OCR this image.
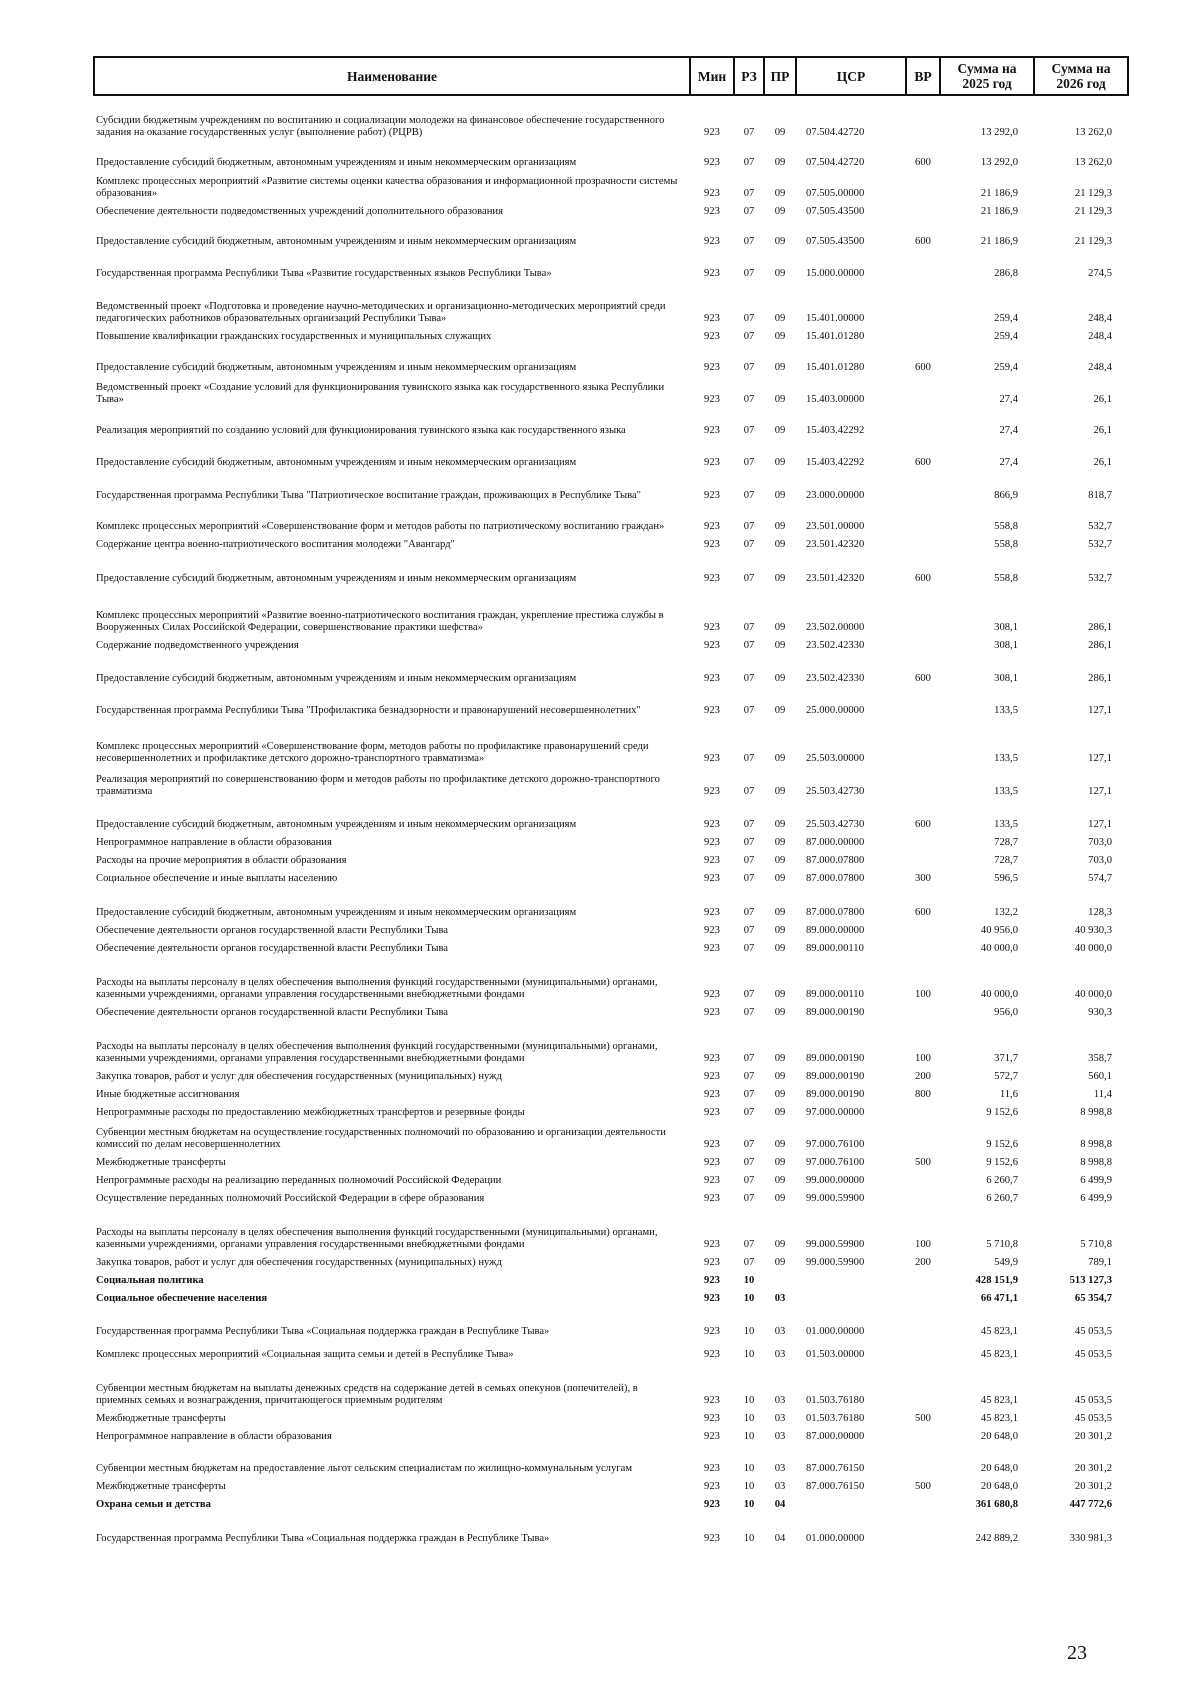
Наименование	Мин	РЗ	ПР	ЦСР	ВР	Сумма на 2025 год	Сумма на 2026 год
Субсидии бюджетным учреждениям по воспитанию и социализации молодежи на финансовое обеспечение государственного задания на оказание государственных услуг (выполнение работ) (РЦРВ)	923	07	09	07.504.42720		13 292,0	13 262,0
Предоставление субсидий бюджетным, автономным учреждениям и иным некоммерческим организациям	923	07	09	07.504.42720	600	13 292,0	13 262,0
Комплекс процессных мероприятий «Развитие системы оценки качества образования и информационной прозрачности системы образования»	923	07	09	07.505.00000		21 186,9	21 129,3
Обеспечение деятельности подведомственных учреждений дополнительного образования	923	07	09	07.505.43500		21 186,9	21 129,3
Предоставление субсидий бюджетным, автономным учреждениям и иным некоммерческим организациям	923	07	09	07.505.43500	600	21 186,9	21 129,3
Государственная программа Республики Тыва «Развитие государственных языков Республики Тыва»	923	07	09	15.000.00000		286,8	274,5
Ведомственный проект «Подготовка и проведение научно-методических и организационно-методических мероприятий среди педагогических работников образовательных организаций Республики Тыва»	923	07	09	15.401.00000		259,4	248,4
Повышение квалификации гражданских государственных и муниципальных служащих	923	07	09	15.401.01280		259,4	248,4
Предоставление субсидий бюджетным, автономным учреждениям и иным некоммерческим организациям	923	07	09	15.401.01280	600	259,4	248,4
Ведомственный проект «Создание условий для функционирования тувинского языка как государственного языка Республики Тыва»	923	07	09	15.403.00000		27,4	26,1
Реализация мероприятий по созданию условий для функционирования тувинского языка как государственного языка	923	07	09	15.403.42292		27,4	26,1
Предоставление субсидий бюджетным, автономным учреждениям и иным некоммерческим организациям	923	07	09	15.403.42292	600	27,4	26,1
Государственная программа Республики Тыва "Патриотическое воспитание граждан, проживающих в Республике Тыва"	923	07	09	23.000.00000		866,9	818,7
Комплекс процессных мероприятий «Совершенствование форм и методов работы по патриотическому воспитанию граждан»	923	07	09	23.501.00000		558,8	532,7
Содержание центра военно-патриотического воспитания молодежи "Авангард"	923	07	09	23.501.42320		558,8	532,7
Предоставление субсидий бюджетным, автономным учреждениям и иным некоммерческим организациям	923	07	09	23.501.42320	600	558,8	532,7
Комплекс процессных мероприятий «Развитие военно-патриотического воспитания граждан, укрепление престижа службы в Вооруженных Силах Российской Федерации, совершенствование практики шефства»	923	07	09	23.502.00000		308,1	286,1
Содержание подведомственного учреждения	923	07	09	23.502.42330		308,1	286,1
Предоставление субсидий бюджетным, автономным учреждениям и иным некоммерческим организациям	923	07	09	23.502.42330	600	308,1	286,1
Государственная программа Республики Тыва "Профилактика безнадзорности и правонарушений несовершеннолетних"	923	07	09	25.000.00000		133,5	127,1
Комплекс процессных мероприятий «Совершенствование форм, методов работы по профилактике правонарушений среди несовершеннолетних и профилактике детского дорожно-транспортного травматизма»	923	07	09	25.503.00000		133,5	127,1
Реализация мероприятий по совершенствованию форм и методов работы по профилактике детского дорожно-транспортного травматизма	923	07	09	25.503.42730		133,5	127,1
Предоставление субсидий бюджетным, автономным учреждениям и иным некоммерческим организациям	923	07	09	25.503.42730	600	133,5	127,1
Непрограммное направление в области образования	923	07	09	87.000.00000		728,7	703,0
Расходы на прочие мероприятия в области образования	923	07	09	87.000.07800		728,7	703,0
Социальное обеспечение и иные выплаты населению	923	07	09	87.000.07800	300	596,5	574,7
Предоставление субсидий бюджетным, автономным учреждениям и иным некоммерческим организациям	923	07	09	87.000.07800	600	132,2	128,3
Обеспечение деятельности органов государственной власти Республики Тыва	923	07	09	89.000.00000		40 956,0	40 930,3
Обеспечение деятельности органов государственной власти Республики Тыва	923	07	09	89.000.00110		40 000,0	40 000,0
Расходы на выплаты персоналу в целях обеспечения выполнения функций государственными (муниципальными) органами, казенными учреждениями, органами управления государственными внебюджетными фондами	923	07	09	89.000.00110	100	40 000,0	40 000,0
Обеспечение деятельности органов государственной власти Республики Тыва	923	07	09	89.000.00190		956,0	930,3
Расходы на выплаты персоналу в целях обеспечения выполнения функций государственными (муниципальными) органами, казенными учреждениями, органами управления государственными внебюджетными фондами	923	07	09	89.000.00190	100	371,7	358,7
Закупка товаров, работ и услуг для обеспечения государственных (муниципальных) нужд	923	07	09	89.000.00190	200	572,7	560,1
Иные бюджетные ассигнования	923	07	09	89.000.00190	800	11,6	11,4
Непрограммные расходы по предоставлению межбюджетных трансфертов и резервные фонды	923	07	09	97.000.00000		9 152,6	8 998,8
Субвенции местным бюджетам на осуществление государственных полномочий по образованию и организации деятельности комиссий по делам несовершеннолетних	923	07	09	97.000.76100		9 152,6	8 998,8
Межбюджетные трансферты	923	07	09	97.000.76100	500	9 152,6	8 998,8
Непрограммные расходы на реализацию переданных полномочий Российской Федерации	923	07	09	99.000.00000		6 260,7	6 499,9
Осуществление переданных полномочий Российской Федерации в сфере образования	923	07	09	99.000.59900		6 260,7	6 499,9
Расходы на выплаты персоналу в целях обеспечения выполнения функций государственными (муниципальными) органами, казенными учреждениями, органами управления государственными внебюджетными фондами	923	07	09	99.000.59900	100	5 710,8	5 710,8
Закупка товаров, работ и услуг для обеспечения государственных (муниципальных) нужд	923	07	09	99.000.59900	200	549,9	789,1
Социальная политика	923	10				428 151,9	513 127,3
Социальное обеспечение населения	923	10	03			66 471,1	65 354,7
Государственная программа Республики Тыва «Социальная поддержка граждан в Республике Тыва»	923	10	03	01.000.00000		45 823,1	45 053,5
Комплекс процессных мероприятий «Социальная защита семьи и детей в Республике Тыва»	923	10	03	01.503.00000		45 823,1	45 053,5
Субвенции местным бюджетам на выплаты денежных средств на содержание детей в семьях опекунов (попечителей), в приемных семьях и вознаграждения, причитающегося приемным родителям	923	10	03	01.503.76180		45 823,1	45 053,5
Межбюджетные трансферты	923	10	03	01.503.76180	500	45 823,1	45 053,5
Непрограммное направление в области образования	923	10	03	87.000.00000		20 648,0	20 301,2
Субвенции местным бюджетам на предоставление льгот сельским специалистам по жилищно-коммунальным услугам	923	10	03	87.000.76150		20 648,0	20 301,2
Межбюджетные трансферты	923	10	03	87.000.76150	500	20 648,0	20 301,2
Охрана семьи и детства	923	10	04			361 680,8	447 772,6
Государственная программа Республики Тыва «Социальная поддержка граждан в Республике Тыва»	923	10	04	01.000.00000		242 889,2	330 981,3
23
